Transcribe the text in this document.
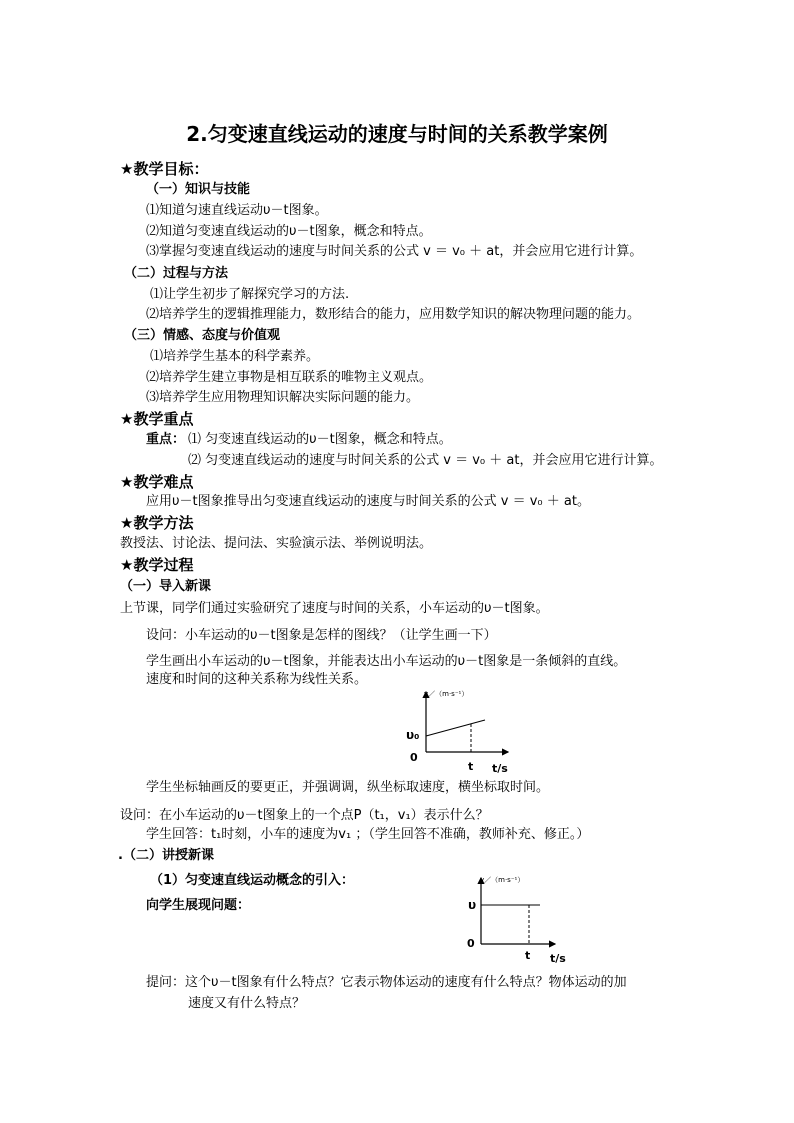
2.匀变速直线运动的速度与时间的关系教学案例
★教学目标：
（一）知识与技能
⑴知道匀速直线运动υ－t图象。
⑵知道匀变速直线运动的υ－t图象，概念和特点。
⑶掌握匀变速直线运动的速度与时间关系的公式 v ＝ v₀ ＋ at，并会应用它进行计算。
（二）过程与方法
⑴让学生初步了解探究学习的方法.
⑵培养学生的逻辑推理能力，数形结合的能力，应用数学知识的解决物理问题的能力。
（三）情感、态度与价值观
⑴培养学生基本的科学素养。
⑵培养学生建立事物是相互联系的唯物主义观点。
⑶培养学生应用物理知识解决实际问题的能力。
★教学重点
重点： ⑴ 匀变速直线运动的υ－t图象，概念和特点。
⑵ 匀变速直线运动的速度与时间关系的公式 v ＝ v₀ ＋ at，并会应用它进行计算。
★教学难点
应用υ－t图象推导出匀变速直线运动的速度与时间关系的公式 v ＝ v₀ ＋ at。
★教学方法
教授法、讨论法、提问法、实验演示法、举例说明法。
★教学过程
（一）导入新课
上节课，同学们通过实验研究了速度与时间的关系，小车运动的υ－t图象。
设问：小车运动的υ－t图象是怎样的图线？（让学生画一下）
学生画出小车运动的υ－t图象，并能表达出小车运动的υ－t图象是一条倾斜的直线。
速度和时间的这种关系称为线性关系。
v／（m·s⁻¹）
υ₀
0
t t/s
学生坐标轴画反的要更正，并强调调，纵坐标取速度，横坐标取时间。
设问：在小车运动的υ－t图象上的一个点P（t₁，v₁）表示什么？
学生回答：t₁时刻，小车的速度为v₁ ；（学生回答不准确，教师补充、修正。）
.（二）讲授新课
（1）匀变速直线运动概念的引入：
向学生展现问题：
v／（m·s⁻¹）
υ
0
t t/s
提问：这个υ－t图象有什么特点？它表示物体运动的速度有什么特点？物体运动的加
速度又有什么特点？
